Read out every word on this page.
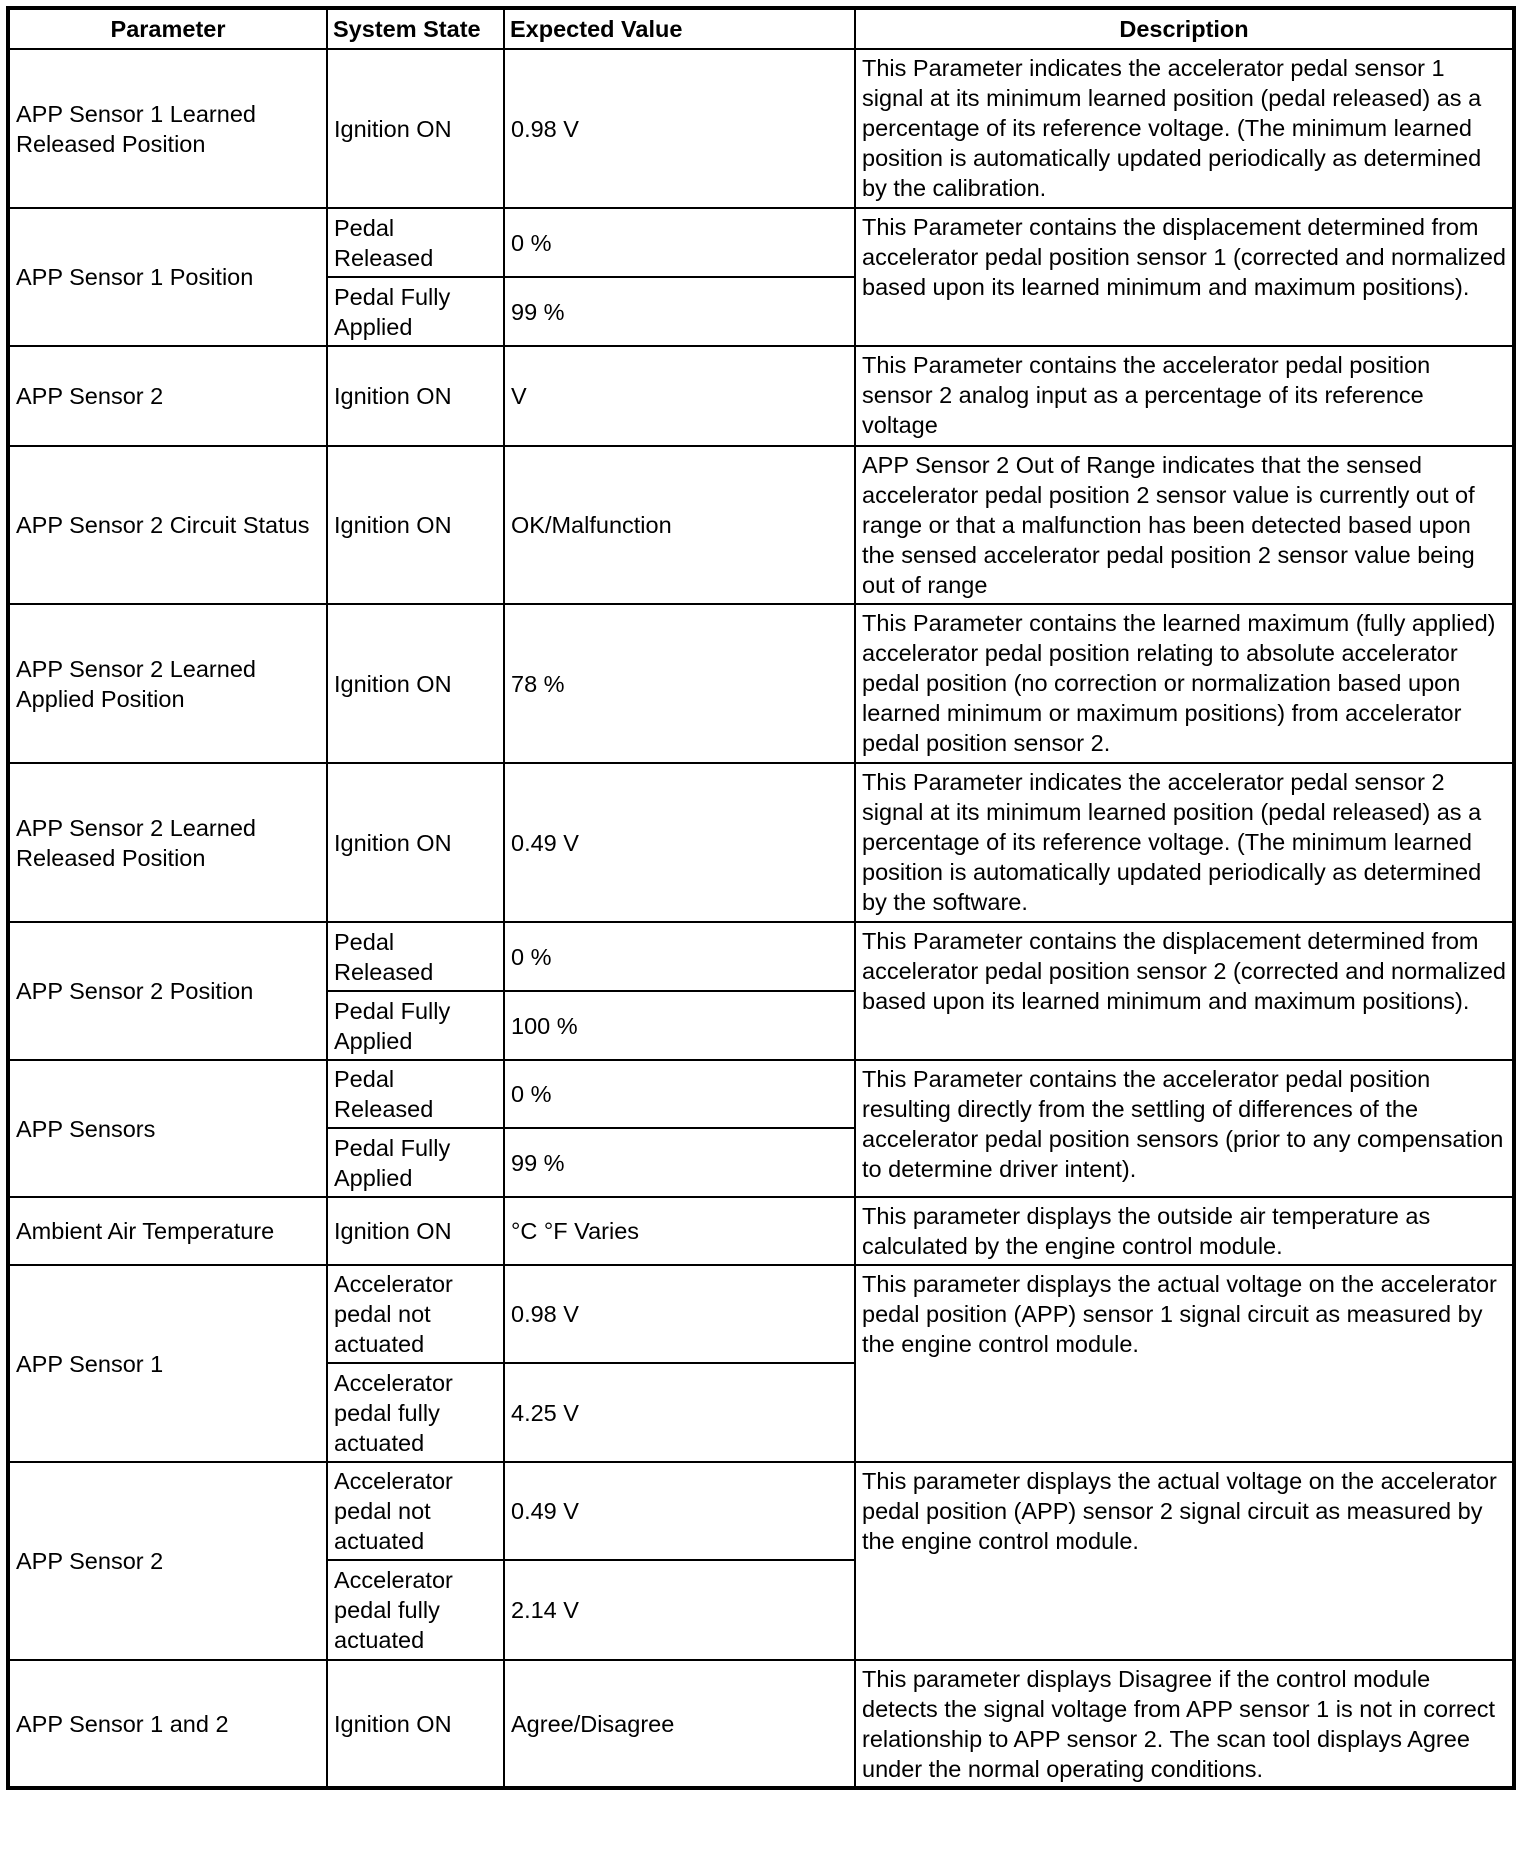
Parameter	System State	Expected Value	Description
APP Sensor 1 Learned Released Position	Ignition ON	0.98 V	This Parameter indicates the accelerator pedal sensor 1 signal at its minimum learned position (pedal released) as a percentage of its reference voltage. (The minimum learned position is automatically updated periodically as determined by the calibration.
APP Sensor 1 Position	Pedal Released	0 %	This Parameter contains the displacement determined from accelerator pedal position sensor 1 (corrected and normalized based upon its learned minimum and maximum positions).
	Pedal Fully Applied	99 %	
APP Sensor 2	Ignition ON	V	This Parameter contains the accelerator pedal position sensor 2 analog input as a percentage of its reference voltage
APP Sensor 2 Circuit Status	Ignition ON	OK/Malfunction	APP Sensor 2 Out of Range indicates that the sensed accelerator pedal position 2 sensor value is currently out of range or that a malfunction has been detected based upon the sensed accelerator pedal position 2 sensor value being out of range
APP Sensor 2 Learned Applied Position	Ignition ON	78 %	This Parameter contains the learned maximum (fully applied) accelerator pedal position relating to absolute accelerator pedal position (no correction or normalization based upon learned minimum or maximum positions) from accelerator pedal position sensor 2.
APP Sensor 2 Learned Released Position	Ignition ON	0.49 V	This Parameter indicates the accelerator pedal sensor 2 signal at its minimum learned position (pedal released) as a percentage of its reference voltage. (The minimum learned position is automatically updated periodically as determined by the software.
APP Sensor 2 Position	Pedal Released	0 %	This Parameter contains the displacement determined from accelerator pedal position sensor 2 (corrected and normalized based upon its learned minimum and maximum positions).
	Pedal Fully Applied	100 %	
APP Sensors	Pedal Released	0 %	This Parameter contains the accelerator pedal position resulting directly from the settling of differences of the accelerator pedal position sensors (prior to any compensation to determine driver intent).
	Pedal Fully Applied	99 %	
Ambient Air Temperature	Ignition ON	°C °F Varies	This parameter displays the outside air temperature as calculated by the engine control module.
APP Sensor 1	Accelerator pedal not actuated	0.98 V	This parameter displays the actual voltage on the accelerator pedal position (APP) sensor 1 signal circuit as measured by the engine control module.
	Accelerator pedal fully actuated	4.25 V	
APP Sensor 2	Accelerator pedal not actuated	0.49 V	This parameter displays the actual voltage on the accelerator pedal position (APP) sensor 2 signal circuit as measured by the engine control module.
	Accelerator pedal fully actuated	2.14 V	
APP Sensor 1 and 2	Ignition ON	Agree/Disagree	This parameter displays Disagree if the control module detects the signal voltage from APP sensor 1 is not in correct relationship to APP sensor 2. The scan tool displays Agree under the normal operating conditions.
